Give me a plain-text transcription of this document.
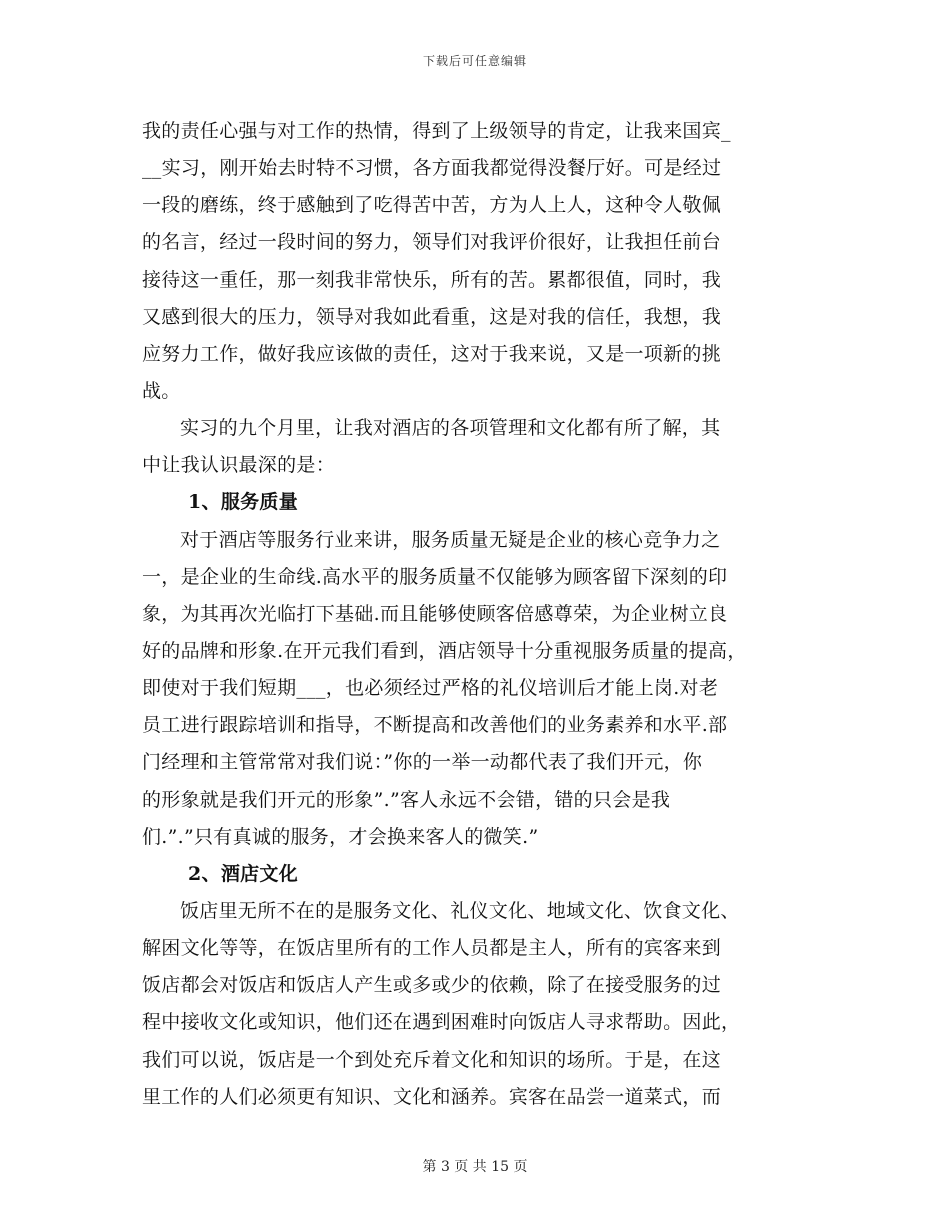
下载后可任意编辑
我的责任心强与对工作的热情，得到了上级领导的肯定，让我来国宾_
__实习，刚开始去时特不习惯，各方面我都觉得没餐厅好。可是经过
一段的磨练，终于感触到了吃得苦中苦，方为人上人，这种令人敬佩
的名言，经过一段时间的努力，领导们对我评价很好，让我担任前台
接待这一重任，那一刻我非常快乐，所有的苦。累都很值，同时，我
又感到很大的压力，领导对我如此看重，这是对我的信任，我想，我
应努力工作，做好我应该做的责任，这对于我来说，又是一项新的挑
战。
实习的九个月里，让我对酒店的各项管理和文化都有所了解，其
中让我认识最深的是：
1、服务质量
对于酒店等服务行业来讲，服务质量无疑是企业的核心竞争力之
一，是企业的生命线.高水平的服务质量不仅能够为顾客留下深刻的印
象，为其再次光临打下基础.而且能够使顾客倍感尊荣，为企业树立良
好的品牌和形象.在开元我们看到，酒店领导十分重视服务质量的提高，
即使对于我们短期___，也必须经过严格的礼仪培训后才能上岗.对老
员工进行跟踪培训和指导，不断提高和改善他们的业务素养和水平.部
门经理和主管常常对我们说：”你的一举一动都代表了我们开元，你
的形象就是我们开元的形象”.”客人永远不会错，错的只会是我
们.”.”只有真诚的服务，才会换来客人的微笑.”
2、酒店文化
饭店里无所不在的是服务文化、礼仪文化、地域文化、饮食文化、
解困文化等等，在饭店里所有的工作人员都是主人，所有的宾客来到
饭店都会对饭店和饭店人产生或多或少的依赖，除了在接受服务的过
程中接收文化或知识，他们还在遇到困难时向饭店人寻求帮助。因此，
我们可以说，饭店是一个到处充斥着文化和知识的场所。于是，在这
里工作的人们必须更有知识、文化和涵养。宾客在品尝一道菜式，而
第 3 页 共 15 页
